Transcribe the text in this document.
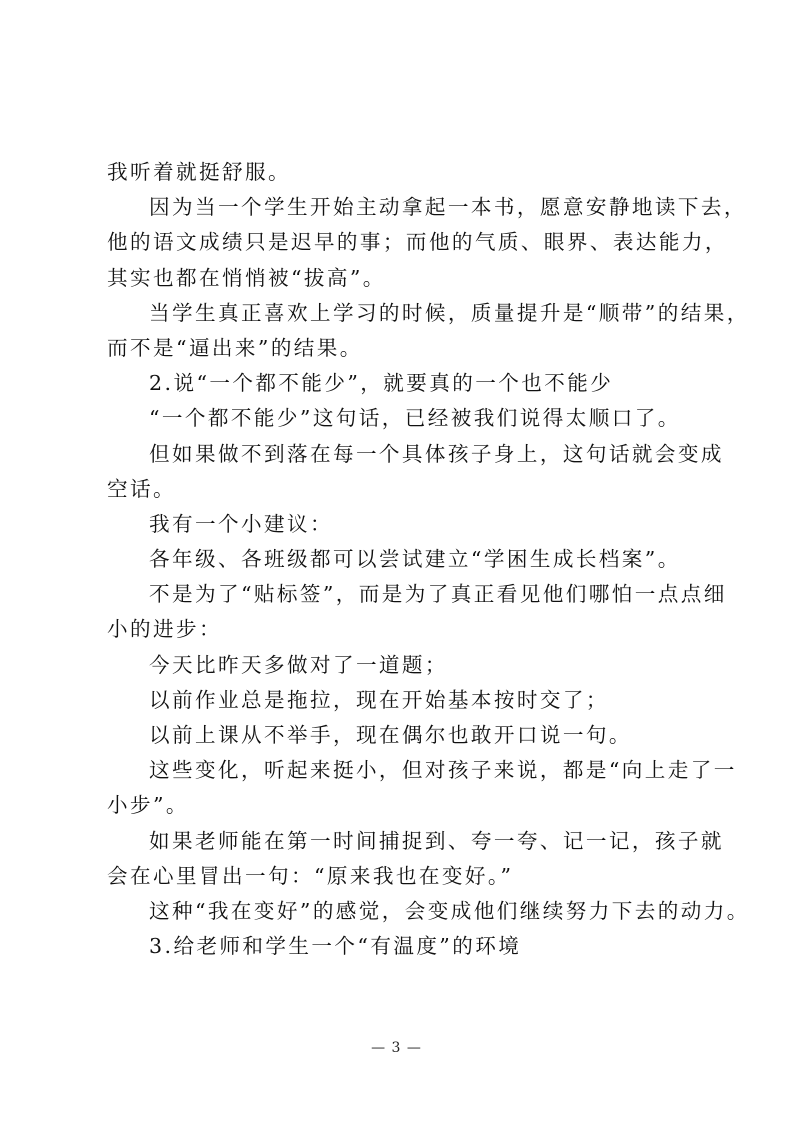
我听着就挺舒服。
因为当一个学生开始主动拿起一本书，愿意安静地读下去，
他的语文成绩只是迟早的事；而他的气质、眼界、表达能力，
其实也都在悄悄被“拔高”。
当学生真正喜欢上学习的时候，质量提升是“顺带”的结果，
而不是“逼出来”的结果。
2.说“一个都不能少”，就要真的一个也不能少
“一个都不能少”这句话，已经被我们说得太顺口了。
但如果做不到落在每一个具体孩子身上，这句话就会变成
空话。
我有一个小建议：
各年级、各班级都可以尝试建立“学困生成长档案”。
不是为了“贴标签”，而是为了真正看见他们哪怕一点点细
小的进步：
今天比昨天多做对了一道题；
以前作业总是拖拉，现在开始基本按时交了；
以前上课从不举手，现在偶尔也敢开口说一句。
这些变化，听起来挺小，但对孩子来说，都是“向上走了一
小步”。
如果老师能在第一时间捕捉到、夸一夸、记一记，孩子就
会在心里冒出一句：“原来我也在变好。”
这种“我在变好”的感觉，会变成他们继续努力下去的动力。
3.给老师和学生一个“有温度”的环境
— 3 —
